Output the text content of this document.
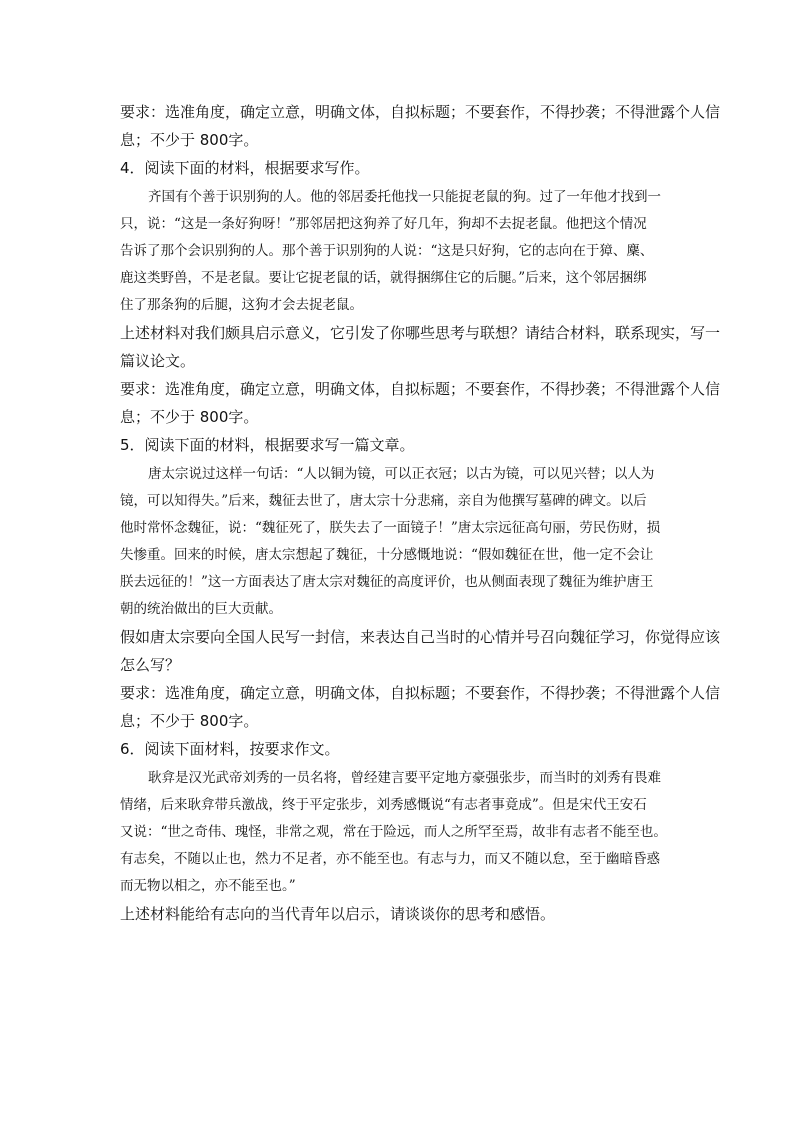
要求：选准角度，确定立意，明确文体，自拟标题；不要套作，不得抄袭；不得泄露个人信

息；不少于 800字。

4．阅读下面的材料，根据要求写作。

齐国有个善于识别狗的人。他的邻居委托他找一只能捉老鼠的狗。过了一年他才找到一

只，说：“这是一条好狗呀！”那邻居把这狗养了好几年，狗却不去捉老鼠。他把这个情况

告诉了那个会识别狗的人。那个善于识别狗的人说：“这是只好狗，它的志向在于獐、麇、

鹿这类野兽，不是老鼠。要让它捉老鼠的话，就得捆绑住它的后腿。”后来，这个邻居捆绑

住了那条狗的后腿，这狗才会去捉老鼠。

上述材料对我们颇具启示意义，它引发了你哪些思考与联想？请结合材料，联系现实，写一

篇议论文。

要求：选准角度，确定立意，明确文体，自拟标题；不要套作，不得抄袭；不得泄露个人信

息；不少于 800字。

5．阅读下面的材料，根据要求写一篇文章。

唐太宗说过这样一句话：“人以铜为镜，可以正衣冠；以古为镜，可以见兴替；以人为

镜，可以知得失。”后来，魏征去世了，唐太宗十分悲痛，亲自为他撰写墓碑的碑文。以后

他时常怀念魏征，说：“魏征死了，朕失去了一面镜子！”唐太宗远征高句丽，劳民伤财，损

失惨重。回来的时候，唐太宗想起了魏征，十分感慨地说：“假如魏征在世，他一定不会让

朕去远征的！”这一方面表达了唐太宗对魏征的高度评价，也从侧面表现了魏征为维护唐王

朝的统治做出的巨大贡献。

假如唐太宗要向全国人民写一封信，来表达自己当时的心情并号召向魏征学习，你觉得应该

怎么写？

要求：选准角度，确定立意，明确文体，自拟标题；不要套作，不得抄袭；不得泄露个人信

息；不少于 800字。

6．阅读下面材料，按要求作文。

耿弇是汉光武帝刘秀的一员名将，曾经建言要平定地方豪强张步，而当时的刘秀有畏难

情绪，后来耿弇带兵激战，终于平定张步，刘秀感慨说“有志者事竟成”。但是宋代王安石

又说：“世之奇伟、瑰怪，非常之观，常在于险远，而人之所罕至焉，故非有志者不能至也。

有志矣，不随以止也，然力不足者，亦不能至也。有志与力，而又不随以怠，至于幽暗昏惑

而无物以相之，亦不能至也。”

上述材料能给有志向的当代青年以启示，请谈谈你的思考和感悟。
